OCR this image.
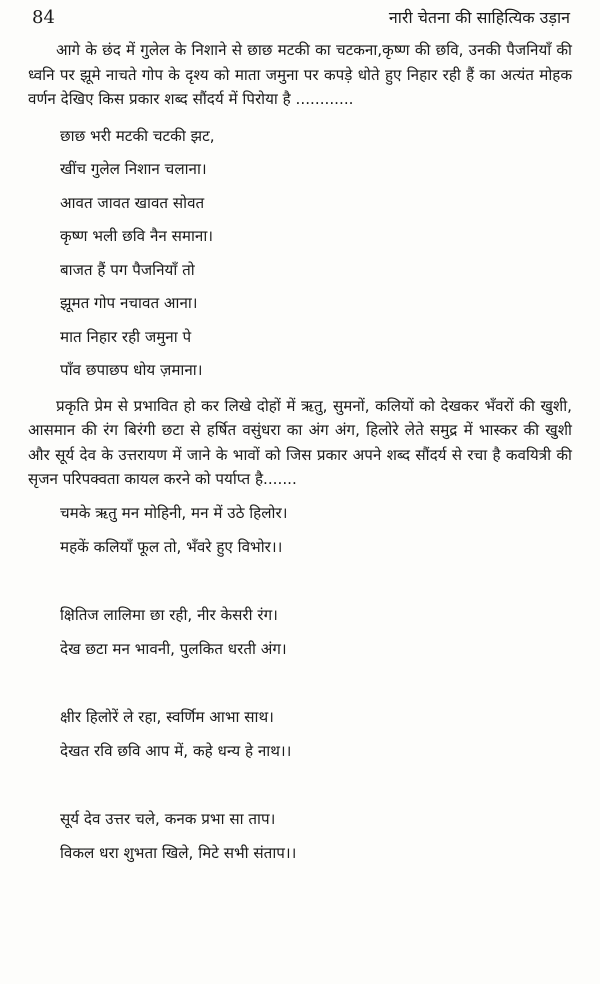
84	नारी चेतना की साहित्यिक उड़ान

आगे के छंद में गुलेल के निशाने से छाछ मटकी का चटकना,कृष्ण की छवि, उनकी पैजनियाँ की ध्वनि पर झूमे नाचते गोप के दृश्य को माता जमुना पर कपड़े धोते हुए निहार रही हैं का अत्यंत मोहक वर्णन देखिए किस प्रकार शब्द सौंदर्य में पिरोया है ............

छाछ भरी मटकी चटकी झट,
खींच गुलेल निशान चलाना।
आवत जावत खावत सोवत
कृष्ण भली छवि नैन समाना।
बाजत हैं पग पैजनियाँ तो
झूमत गोप नचावत आना।
मात निहार रही जमुना पे
पाँव छपाछप धोय ज़माना।

प्रकृति प्रेम से प्रभावित हो कर लिखे दोहों में ऋतु, सुमनों, कलियों को देखकर भँवरों की खुशी, आसमान की रंग बिरंगी छटा से हर्षित वसुंधरा का अंग अंग, हिलोरे लेते समुद्र में भास्कर की खुशी और सूर्य देव के उत्तरायण में जाने के भावों को जिस प्रकार अपने शब्द सौंदर्य से रचा है कवयित्री की सृजन परिपक्वता कायल करने को पर्याप्त है.......

चमके ऋतु मन मोहिनी, मन में उठे हिलोर।
महकें कलियाँ फूल तो, भँवरे हुए विभोर।।
क्षितिज लालिमा छा रही, नीर केसरी रंग।
देख छटा मन भावनी, पुलकित धरती अंग।
क्षीर हिलोरें ले रहा, स्वर्णिम आभा साथ।
देखत रवि छवि आप में, कहे धन्य हे नाथ।।
सूर्य देव उत्तर चले, कनक प्रभा सा ताप।
विकल धरा शुभता खिले, मिटे सभी संताप।।
